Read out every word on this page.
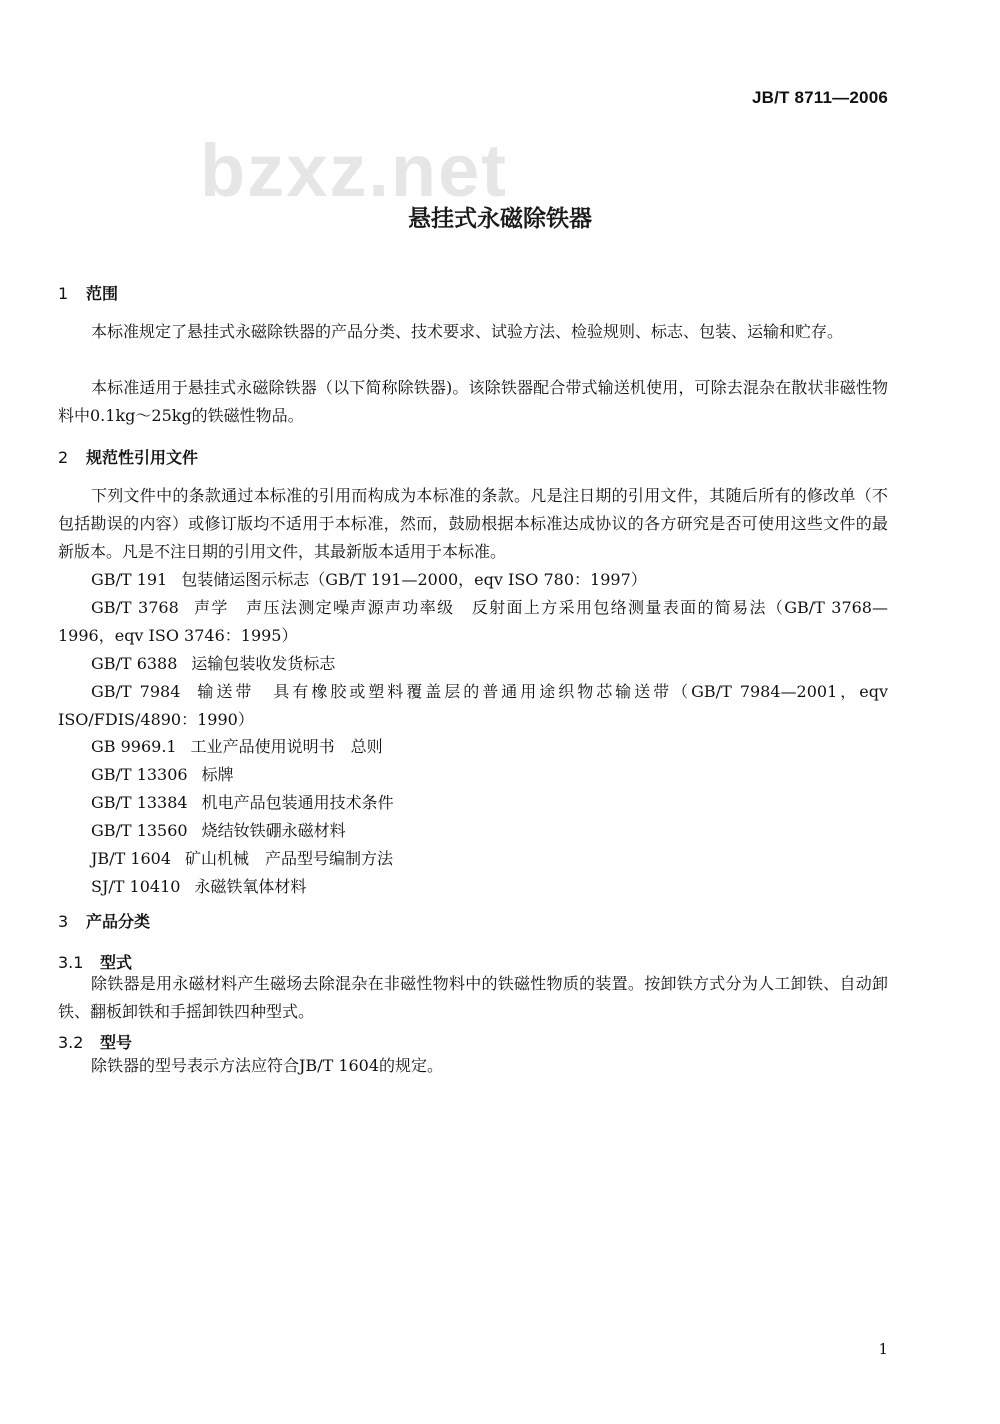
JB/T 8711—2006
bzxz.net
悬挂式永磁除铁器
1 范围

本标准规定了悬挂式永磁除铁器的产品分类、技术要求、试验方法、检验规则、标志、包装、运输和贮存。

本标准适用于悬挂式永磁除铁器（以下简称除铁器)。该除铁器配合带式输送机使用，可除去混杂在散状非磁性物料中0.1kg～25kg的铁磁性物品。

2 规范性引用文件

下列文件中的条款通过本标准的引用而构成为本标准的条款。凡是注日期的引用文件，其随后所有的修改单（不包括勘误的内容）或修订版均不适用于本标准，然而，鼓励根据本标准达成协议的各方研究是否可使用这些文件的最新版本。凡是不注日期的引用文件，其最新版本适用于本标准。

GB/T 191 包装储运图示标志（GB/T 191—2000，eqv ISO 780：1997）

GB/T 3768 声学　声压法测定噪声源声功率级　反射面上方采用包络测量表面的简易法（GB/T 3768—1996，eqv ISO 3746：1995）

GB/T 6388 运输包装收发货标志

GB/T 7984 输送带　具有橡胶或塑料覆盖层的普通用途织物芯输送带（GB/T 7984—2001，eqv ISO/FDIS/4890：1990）

GB 9969.1 工业产品使用说明书　总则

GB/T 13306 标牌

GB/T 13384 机电产品包装通用技术条件

GB/T 13560 烧结钕铁硼永磁材料

JB/T 1604 矿山机械　产品型号编制方法

SJ/T 10410 永磁铁氧体材料

3 产品分类
3.1 型式

除铁器是用永磁材料产生磁场去除混杂在非磁性物料中的铁磁性物质的装置。按卸铁方式分为人工卸铁、自动卸铁、翻板卸铁和手摇卸铁四种型式。

3.2 型号

除铁器的型号表示方法应符合JB/T 1604的规定。

1
